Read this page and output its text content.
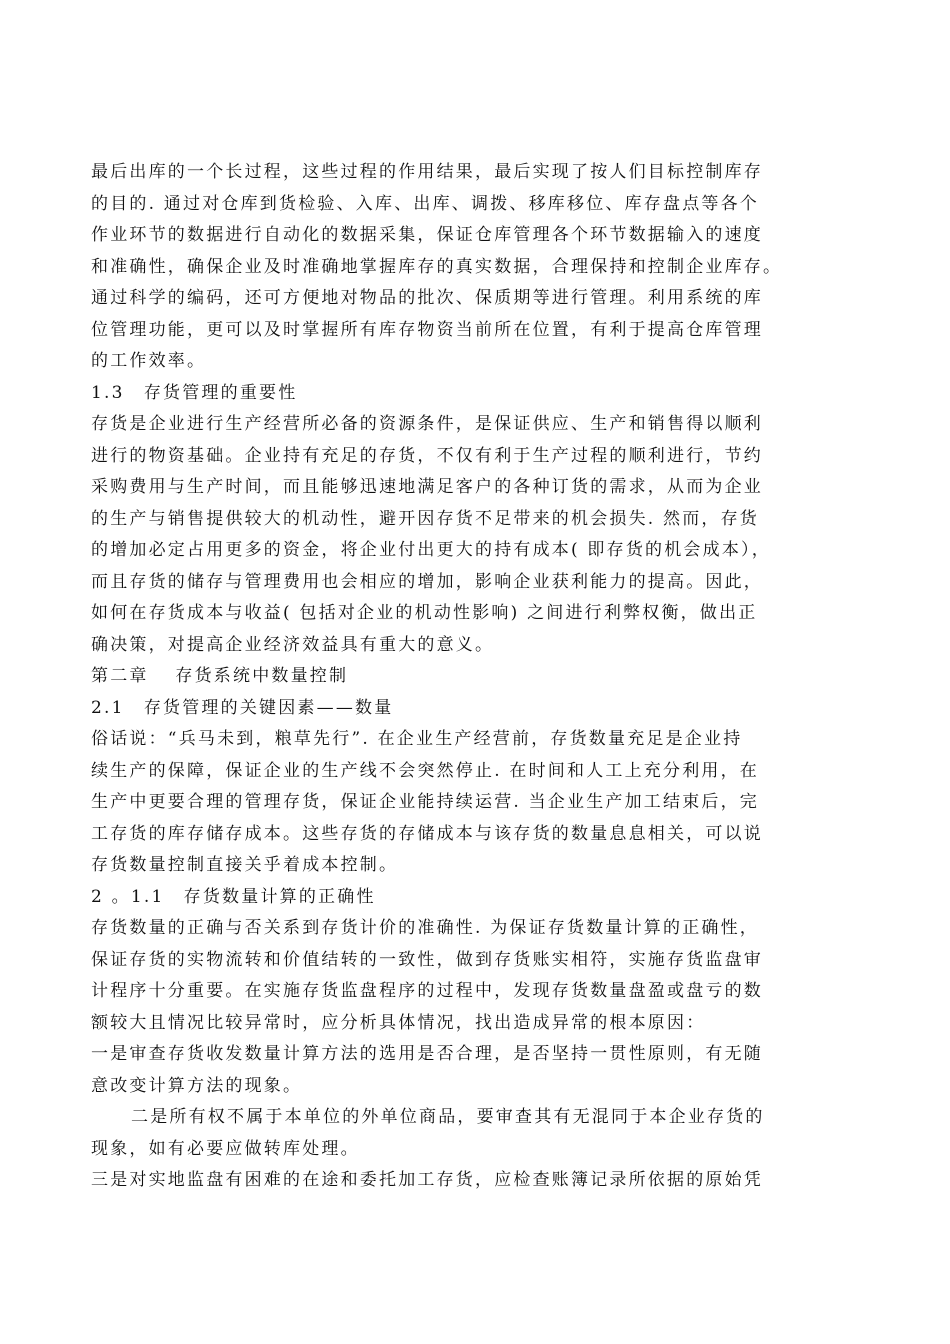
最后出库的一个长过程，这些过程的作用结果，最后实现了按人们目标控制库存
的目的. 通过对仓库到货检验、入库、出库、调拨、移库移位、库存盘点等各个
作业环节的数据进行自动化的数据采集，保证仓库管理各个环节数据输入的速度
和准确性，确保企业及时准确地掌握库存的真实数据，合理保持和控制企业库存。
通过科学的编码，还可方便地对物品的批次、保质期等进行管理。利用系统的库
位管理功能，更可以及时掌握所有库存物资当前所在位置，有利于提高仓库管理
的工作效率。
1.3　存货管理的重要性
存货是企业进行生产经营所必备的资源条件，是保证供应、生产和销售得以顺利
进行的物资基础。企业持有充足的存货，不仅有利于生产过程的顺利进行，节约
采购费用与生产时间，而且能够迅速地满足客户的各种订货的需求，从而为企业
的生产与销售提供较大的机动性，避开因存货不足带来的机会损失. 然而，存货
的增加必定占用更多的资金，将企业付出更大的持有成本( 即存货的机会成本），
而且存货的储存与管理费用也会相应的增加，影响企业获利能力的提高。因此，
如何在存货成本与收益( 包括对企业的机动性影响) 之间进行利弊权衡，做出正
确决策，对提高企业经济效益具有重大的意义。
第二章　 存货系统中数量控制
2.1　存货管理的关键因素——数量
俗话说：“兵马未到，粮草先行”. 在企业生产经营前，存货数量充足是企业持
续生产的保障，保证企业的生产线不会突然停止. 在时间和人工上充分利用，在
生产中更要合理的管理存货，保证企业能持续运营. 当企业生产加工结束后，完
工存货的库存储存成本。这些存货的存储成本与该存货的数量息息相关，可以说
存货数量控制直接关乎着成本控制。
2 。1.1　存货数量计算的正确性
存货数量的正确与否关系到存货计价的准确性. 为保证存货数量计算的正确性，
保证存货的实物流转和价值结转的一致性，做到存货账实相符，实施存货监盘审
计程序十分重要。在实施存货监盘程序的过程中，发现存货数量盘盈或盘亏的数
额较大且情况比较异常时，应分析具体情况，找出造成异常的根本原因：
一是审查存货收发数量计算方法的选用是否合理，是否坚持一贯性原则，有无随
意改变计算方法的现象。
二是所有权不属于本单位的外单位商品，要审查其有无混同于本企业存货的
现象，如有必要应做转库处理。
三是对实地监盘有困难的在途和委托加工存货，应检查账簿记录所依据的原始凭
